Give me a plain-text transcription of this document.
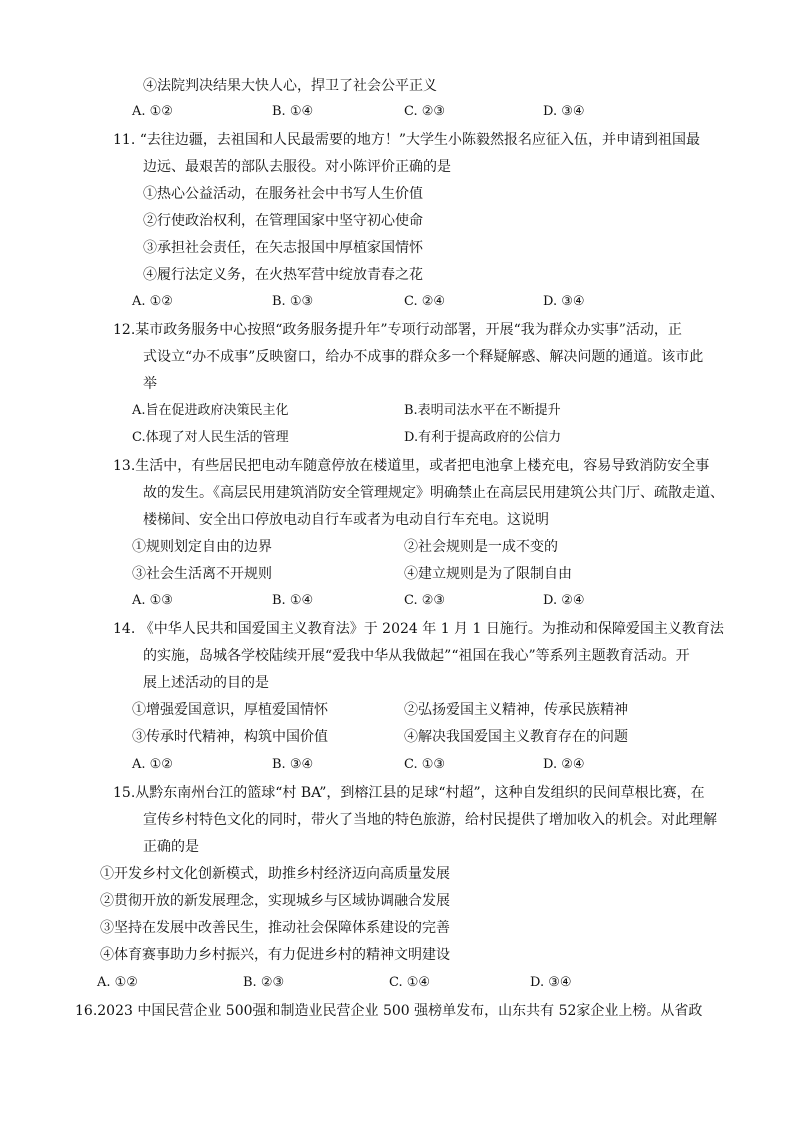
④法院判决结果大快人心，捍卫了社会公平正义
A. ①②	B. ①④	C. ②③	D. ③④
11. “去往边疆，去祖国和人民最需要的地方！”大学生小陈毅然报名应征入伍，并申请到祖国最
边远、最艰苦的部队去服役。对小陈评价正确的是
①热心公益活动，在服务社会中书写人生价值
②行使政治权利，在管理国家中坚守初心使命
③承担社会责任，在矢志报国中厚植家国情怀
④履行法定义务，在火热军营中绽放青春之花
A. ①②	B. ①③	C. ②④	D. ③④
12.某市政务服务中心按照“政务服务提升年”专项行动部署，开展“我为群众办实事”活动，正
式设立“办不成事”反映窗口，给办不成事的群众多一个释疑解惑、解决问题的通道。该市此
举
A.旨在促进政府决策民主化	B.表明司法水平在不断提升
C.体现了对人民生活的管理	D.有利于提高政府的公信力
13.生活中，有些居民把电动车随意停放在楼道里，或者把电池拿上楼充电，容易导致消防安全事
故的发生。《高层民用建筑消防安全管理规定》明确禁止在高层民用建筑公共门厅、疏散走道、
楼梯间、安全出口停放电动自行车或者为电动自行车充电。这说明
①规则划定自由的边界	②社会规则是一成不变的
③社会生活离不开规则	④建立规则是为了限制自由
A. ①③	B. ①④	C. ②③	D. ②④
14. 《中华人民共和国爱国主义教育法》于 2024 年 1 月 1 日施行。为推动和保障爱国主义教育法
的实施，岛城各学校陆续开展“爱我中华从我做起”“祖国在我心”等系列主题教育活动。开
展上述活动的目的是
①增强爱国意识，厚植爱国情怀	②弘扬爱国主义精神，传承民族精神
③传承时代精神，构筑中国价值	④解决我国爱国主义教育存在的问题
A. ①②	B. ③④	C. ①③	D. ②④
15.从黔东南州台江的篮球“村 BA”，到榕江县的足球“村超”，这种自发组织的民间草根比赛，在
宣传乡村特色文化的同时，带火了当地的特色旅游，给村民提供了增加收入的机会。对此理解
正确的是
①开发乡村文化创新模式，助推乡村经济迈向高质量发展
②贯彻开放的新发展理念，实现城乡与区域协调融合发展
③坚持在发展中改善民生，推动社会保障体系建设的完善
④体育赛事助力乡村振兴，有力促进乡村的精神文明建设
A. ①②	B. ②③	C. ①④	D. ③④
16.2023 中国民营企业 500强和制造业民营企业 500 强榜单发布，山东共有 52家企业上榜。从省政
